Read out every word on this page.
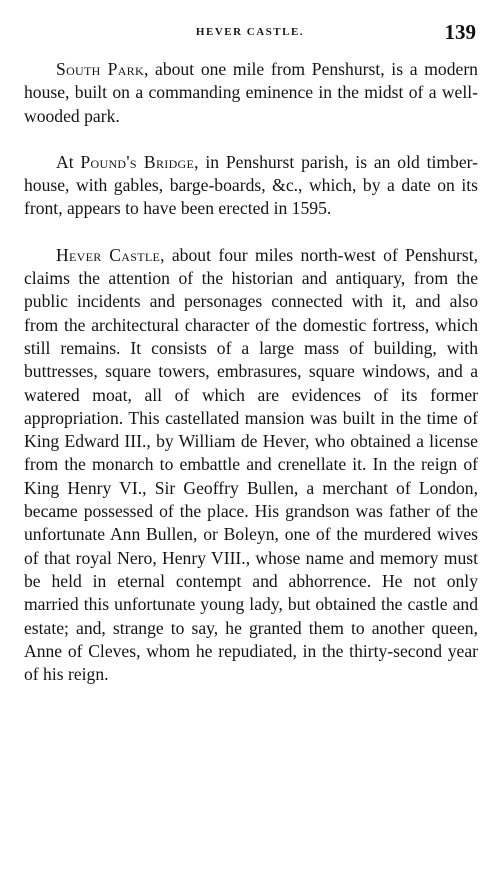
HEVER CASTLE.	139

South Park, about one mile from Penshurst, is a modern house, built on a commanding eminence in the midst of a well-wooded park.

At Pound's Bridge, in Penshurst parish, is an old timber-house, with gables, barge-boards, &c., which, by a date on its front, appears to have been erected in 1595.

Hever Castle, about four miles north-west of Penshurst, claims the attention of the historian and antiquary, from the public incidents and personages connected with it, and also from the architectural character of the domestic fortress, which still remains. It consists of a large mass of building, with buttresses, square towers, embrasures, square windows, and a watered moat, all of which are evidences of its former appropriation. This castellated mansion was built in the time of King Edward III., by William de Hever, who obtained a license from the monarch to embattle and crenellate it. In the reign of King Henry VI., Sir Geoffry Bullen, a merchant of London, became possessed of the place. His grandson was father of the unfortunate Ann Bullen, or Boleyn, one of the murdered wives of that royal Nero, Henry VIII., whose name and memory must be held in eternal contempt and abhorrence. He not only married this unfortunate young lady, but obtained the castle and estate; and, strange to say, he granted them to another queen, Anne of Cleves, whom he repudiated, in the thirty-second year of his reign.
